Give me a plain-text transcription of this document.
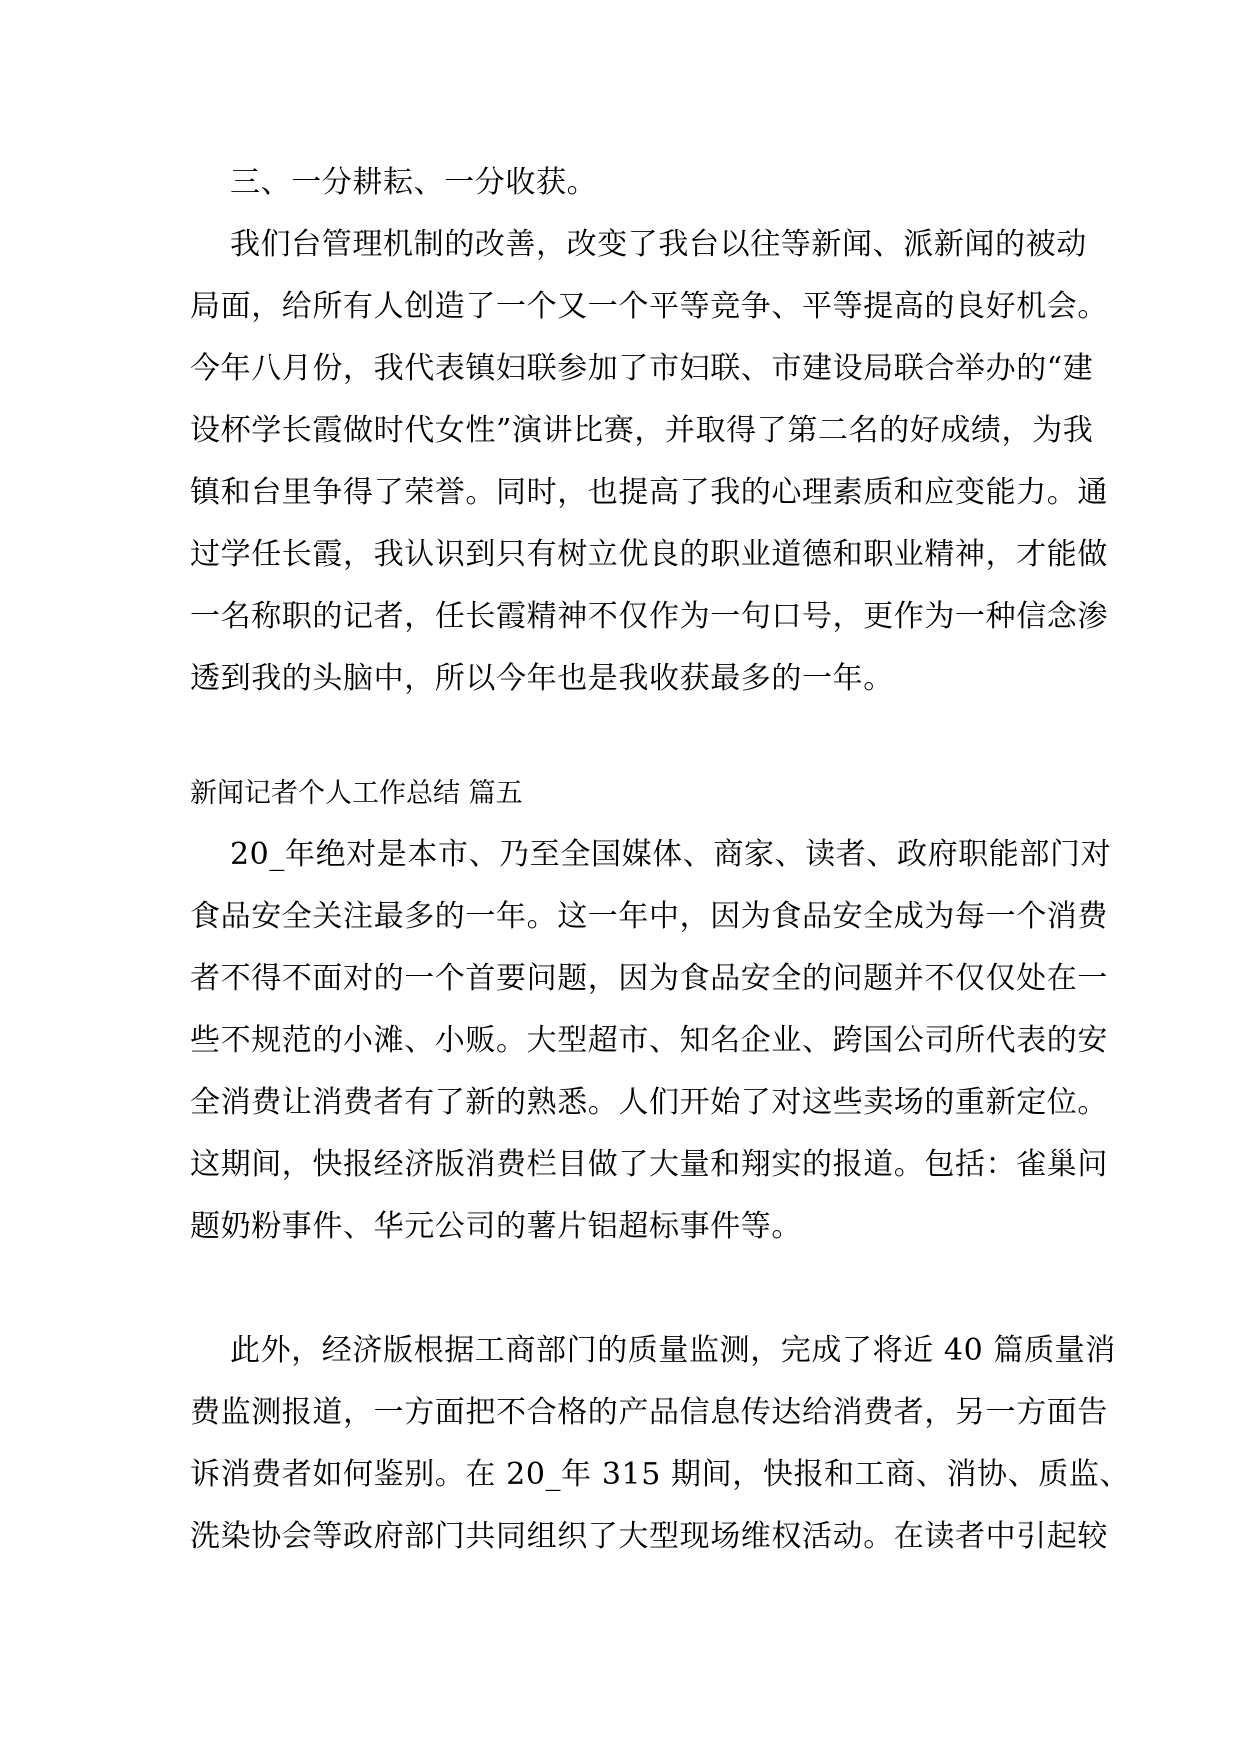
三、一分耕耘、一分收获。
我们台管理机制的改善，改变了我台以往等新闻、派新闻的被动
局面，给所有人创造了一个又一个平等竞争、平等提高的良好机会。
今年八月份，我代表镇妇联参加了市妇联、市建设局联合举办的“建
设杯学长霞做时代女性”演讲比赛，并取得了第二名的好成绩，为我
镇和台里争得了荣誉。同时，也提高了我的心理素质和应变能力。通
过学任长霞，我认识到只有树立优良的职业道德和职业精神，才能做
一名称职的记者，任长霞精神不仅作为一句口号，更作为一种信念渗
透到我的头脑中，所以今年也是我收获最多的一年。
新闻记者个人工作总结 篇五
20_年绝对是本市、乃至全国媒体、商家、读者、政府职能部门对
食品安全关注最多的一年。这一年中，因为食品安全成为每一个消费
者不得不面对的一个首要问题，因为食品安全的问题并不仅仅处在一
些不规范的小滩、小贩。大型超市、知名企业、跨国公司所代表的安
全消费让消费者有了新的熟悉。人们开始了对这些卖场的重新定位。
这期间，快报经济版消费栏目做了大量和翔实的报道。包括：雀巢问
题奶粉事件、华元公司的薯片铝超标事件等。
此外，经济版根据工商部门的质量监测，完成了将近 40 篇质量消
费监测报道，一方面把不合格的产品信息传达给消费者，另一方面告
诉消费者如何鉴别。在 20_年 315 期间，快报和工商、消协、质监、
洗染协会等政府部门共同组织了大型现场维权活动。在读者中引起较
